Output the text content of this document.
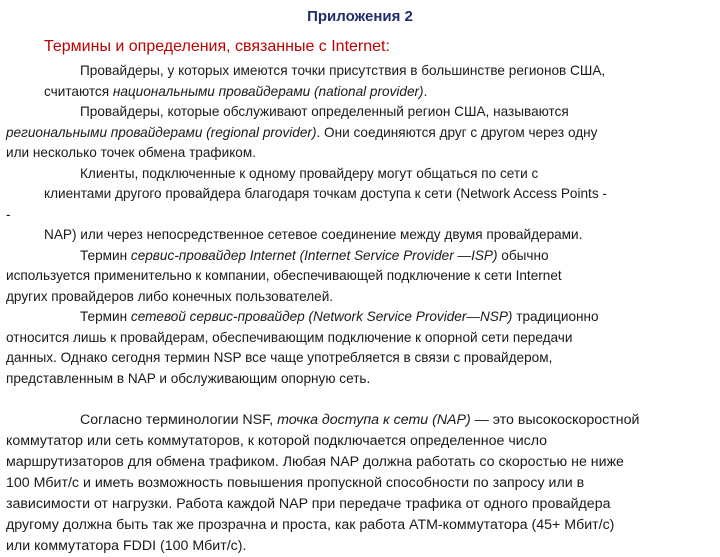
Приложения 2
Термины и определения, связанные с Internet:
Провайдеры, у которых имеются точки присутствия в большинстве регионов США,
считаются национальными провайдерами (national provider).
Провайдеры, которые обслуживают определенный регион США, называются
региональными провайдерами (regional provider). Они соединяются друг с другом через одну
или несколько точек обмена трафиком.
Клиенты, подключенные к одному провайдеру могут общаться по сети с
клиентами другого провайдера благодаря точкам доступа к сети (Network Access Points -
-
NAP) или через непосредственное сетевое соединение между двумя провайдерами.
Термин сервис-провайдер Internet (Internet Service Provider —ISP) обычно
используется применительно к компании, обеспечивающей подключение к сети Internet
других провайдеров либо конечных пользователей.
Термин сетевой сервис-провайдер (Network Service Provider—NSP) традиционно
относится лишь к провайдерам, обеспечивающим подключение к опорной сети передачи
данных. Однако сегодня термин NSP все чаще употребляется в связи с провайдером,
представленным в NAP и обслуживающим опорную сеть.
Согласно терминологии NSF, точка доступа к сети (NAP) — это высокоскоростной
коммутатор или сеть коммутаторов, к которой подключается определенное число
маршрутизаторов для обмена трафиком. Любая NAP должна работать со скоростью не ниже
100 Мбит/с и иметь возможность повышения пропускной способности по запросу или в
зависимости от нагрузки. Работа каждой NAP при передаче трафика от одного провайдера
другому должна быть так же прозрачна и проста, как работа ATM-коммутатора (45+ Мбит/с)
или коммутатора FDDI (100 Мбит/с).
